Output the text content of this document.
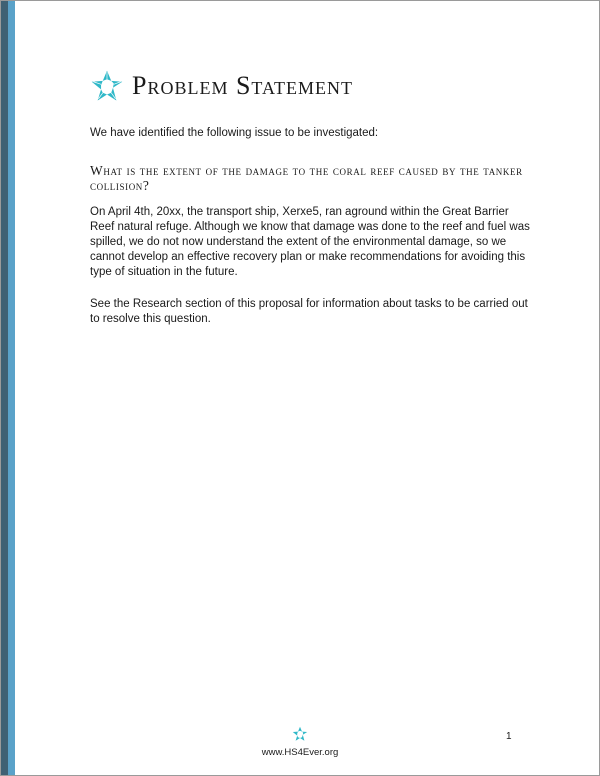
Problem Statement
We have identified the following issue to be investigated:
What is the extent of the damage to the coral reef caused by the tanker collision?
On April 4th, 20xx, the transport ship, Xerxe5, ran aground within the Great Barrier Reef natural refuge. Although we know that damage was done to the reef and fuel was spilled, we do not now understand the extent of the environmental damage, so we cannot develop an effective recovery plan or make recommendations for avoiding this type of situation in the future.
See the Research section of this proposal for information about tasks to be carried out to resolve this question.
1
www.HS4Ever.org
